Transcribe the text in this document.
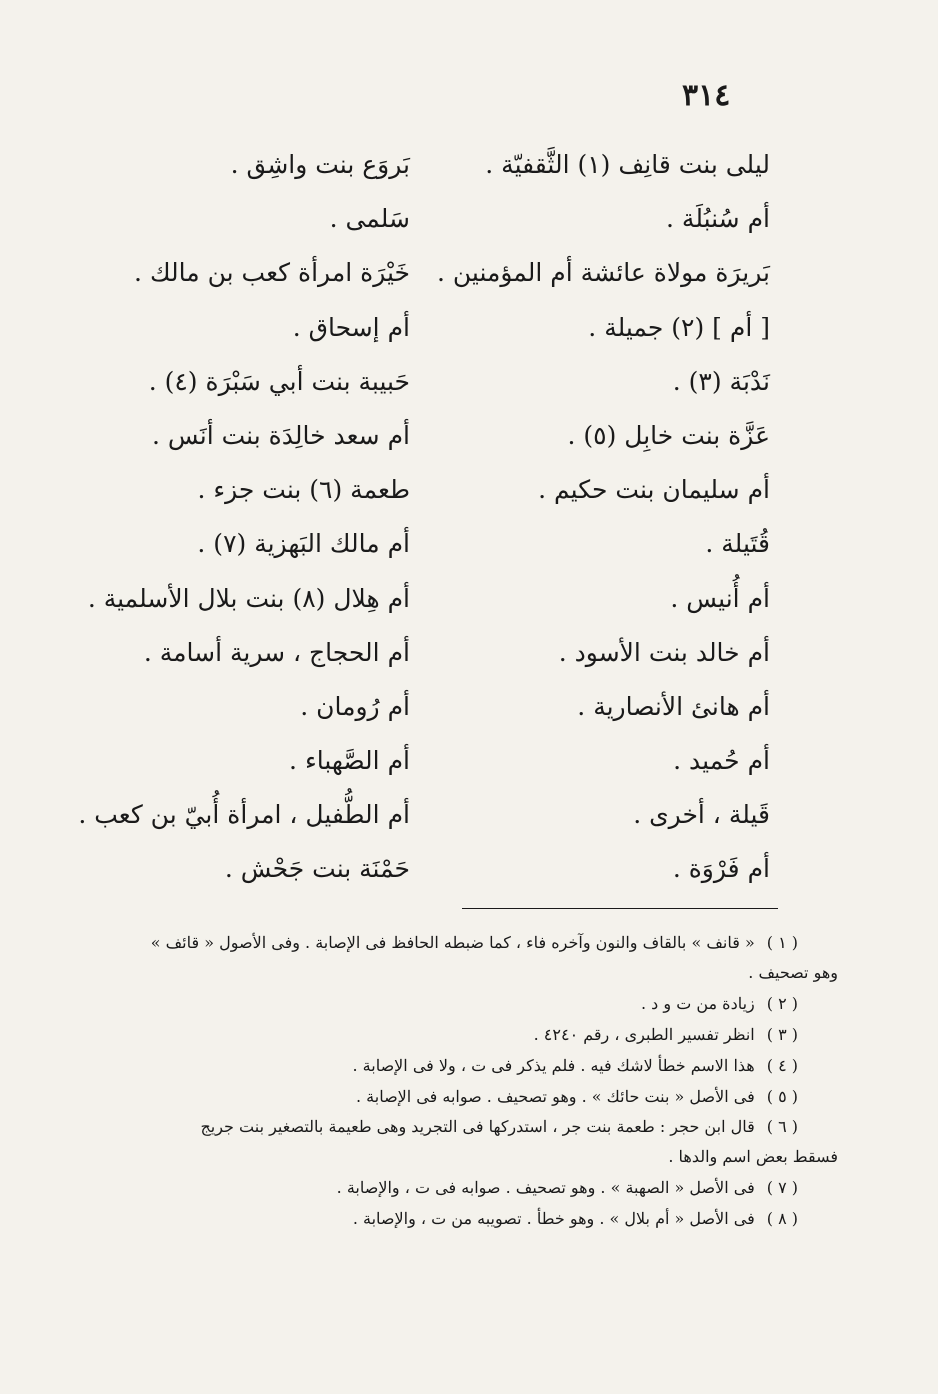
٣١٤
ليلى بنت قانِف (١) الثَّقفيّة .
أم سُنبُلَة .
بَريرَة مولاة عائشة أم المؤمنين .
[ أم ] (٢) جميلة .
نَدْبَة (٣) .
عَزَّة بنت خابِل (٥) .
أم سليمان بنت حكيم .
قُتَيلة .
أم أُنيس .
أم خالد بنت الأسود .
أم هانئ الأنصارية .
أم حُميد .
قَيلة ، أخرى .
أم فَرْوَة .
بَروَع بنت واشِق .
سَلمى .
خَيْرَة امرأة كعب بن مالك .
أم إسحاق .
حَبيبة بنت أبي سَبْرَة (٤) .
أم سعد خالِدَة بنت أنَس .
طعمة (٦) بنت جزء .
أم مالك البَهزية (٧) .
أم هِلال (٨) بنت بلال الأسلمية .
أم الحجاج ، سرية أسامة .
أم رُومان .
أم الصَّهباء .
أم الطُّفيل ، امرأة أُبيّ بن كعب .
حَمْنَة بنت جَحْش .
( ١ )« قانف » بالقاف والنون وآخره فاء ، كما ضبطه الحافظ فى الإصابة . وفى الأصول « قائف »
وهو تصحيف .
( ٢ )زيادة من ت و د .
( ٣ )انظر تفسير الطبرى ، رقم ٤٢٤٠ .
( ٤ )هذا الاسم خطأ لاشك فيه . فلم يذكر فى ت ، ولا فى الإصابة .
( ٥ )فى الأصل « بنت حائك » . وهو تصحيف . صوابه فى الإصابة .
( ٦ )قال ابن حجر : طعمة بنت جر ، استدركها فى التجريد وهى طعيمة بالتصغير بنت جريج
فسقط بعض اسم والدها .
( ٧ )فى الأصل « الصهبة » . وهو تصحيف . صوابه فى ت ، والإصابة .
( ٨ )فى الأصل « أم بلال » . وهو خطأ . تصويبه من ت ، والإصابة .
